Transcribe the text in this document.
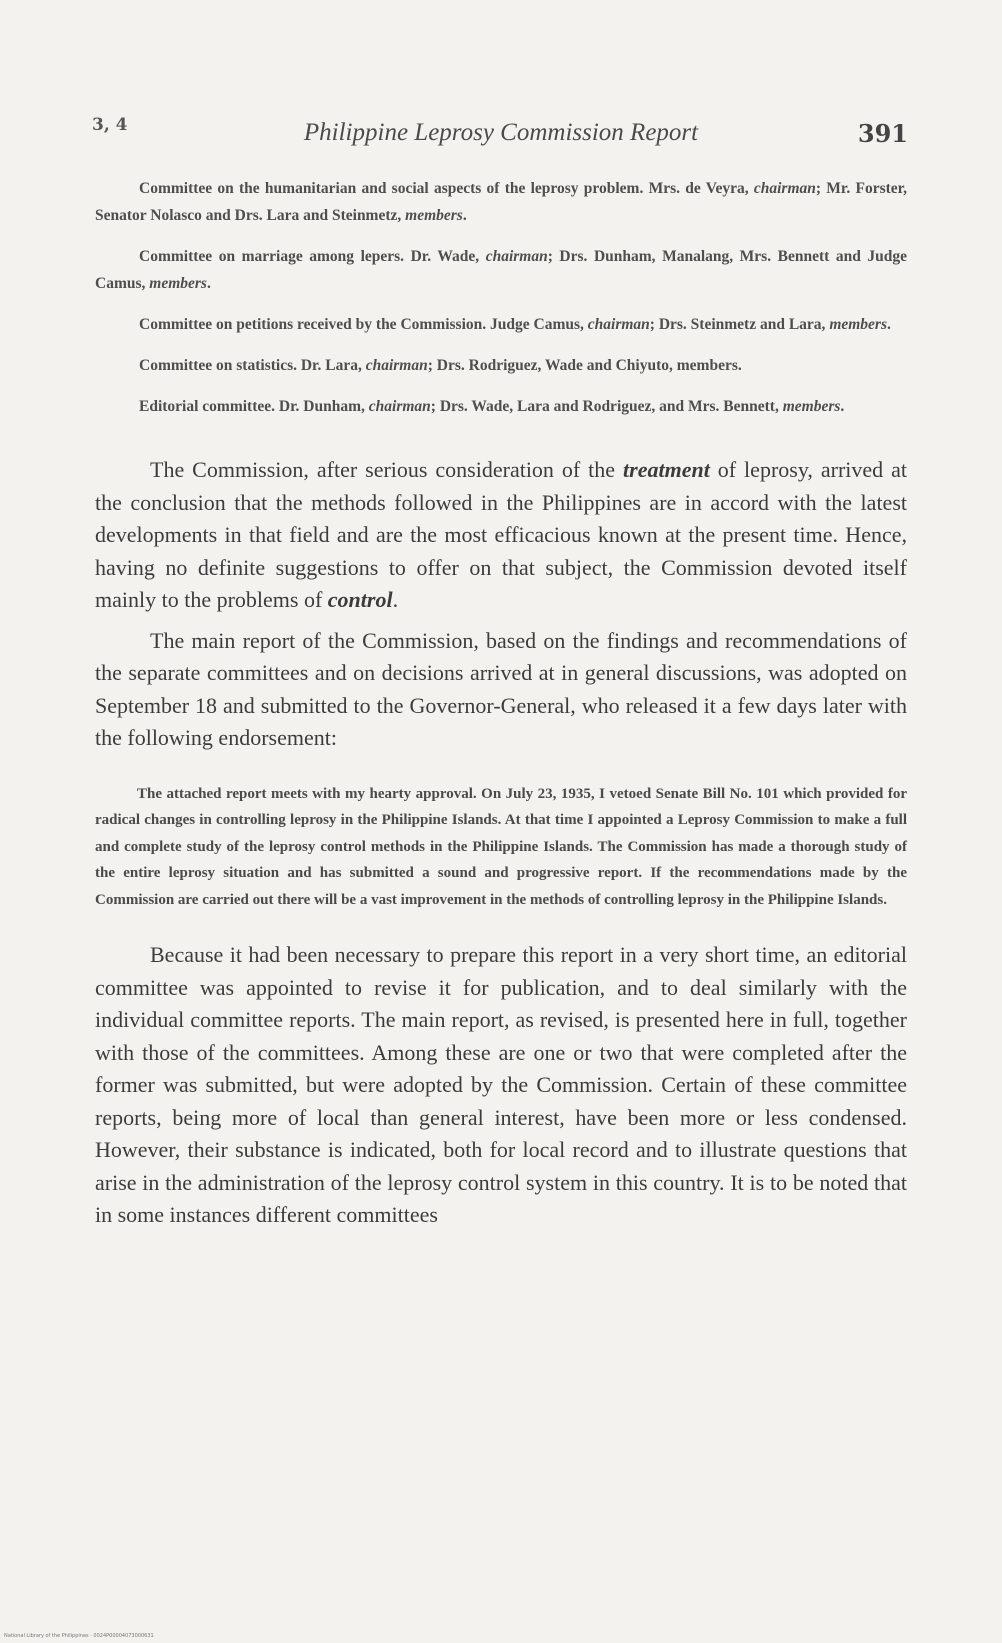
3, 4	Philippine Leprosy Commission Report	391

Committee on the humanitarian and social aspects of the leprosy problem. Mrs. de Veyra, chairman; Mr. Forster, Senator Nolasco and Drs. Lara and Steinmetz, members.

Committee on marriage among lepers. Dr. Wade, chairman; Drs. Dunham, Manalang, Mrs. Bennett and Judge Camus, members.

Committee on petitions received by the Commission. Judge Camus, chairman; Drs. Steinmetz and Lara, members.

Committee on statistics. Dr. Lara, chairman; Drs. Rodriguez, Wade and Chiyuto, members.

Editorial committee. Dr. Dunham, chairman; Drs. Wade, Lara and Rodriguez, and Mrs. Bennett, members.

The Commission, after serious consideration of the treatment of leprosy, arrived at the conclusion that the methods followed in the Philippines are in accord with the latest developments in that field and are the most efficacious known at the present time. Hence, having no definite suggestions to offer on that subject, the Commission devoted itself mainly to the problems of control.

The main report of the Commission, based on the findings and recommendations of the separate committees and on decisions arrived at in general discussions, was adopted on September 18 and submitted to the Governor-General, who released it a few days later with the following endorsement:

The attached report meets with my hearty approval. On July 23, 1935, I vetoed Senate Bill No. 101 which provided for radical changes in controlling leprosy in the Philippine Islands. At that time I appointed a Leprosy Commission to make a full and complete study of the leprosy control methods in the Philippine Islands. The Commission has made a thorough study of the entire leprosy situation and has submitted a sound and progressive report. If the recommendations made by the Commission are carried out there will be a vast improvement in the methods of controlling leprosy in the Philippine Islands.

Because it had been necessary to prepare this report in a very short time, an editorial committee was appointed to revise it for publication, and to deal similarly with the individual committee reports. The main report, as revised, is presented here in full, together with those of the committees. Among these are one or two that were completed after the former was submitted, but were adopted by the Commission. Certain of these committee reports, being more of local than general interest, have been more or less condensed. However, their substance is indicated, both for local record and to illustrate questions that arise in the administration of the leprosy control system in this country. It is to be noted that in some instances different committees

National Library of the Philippines · 0024P00004073000631
